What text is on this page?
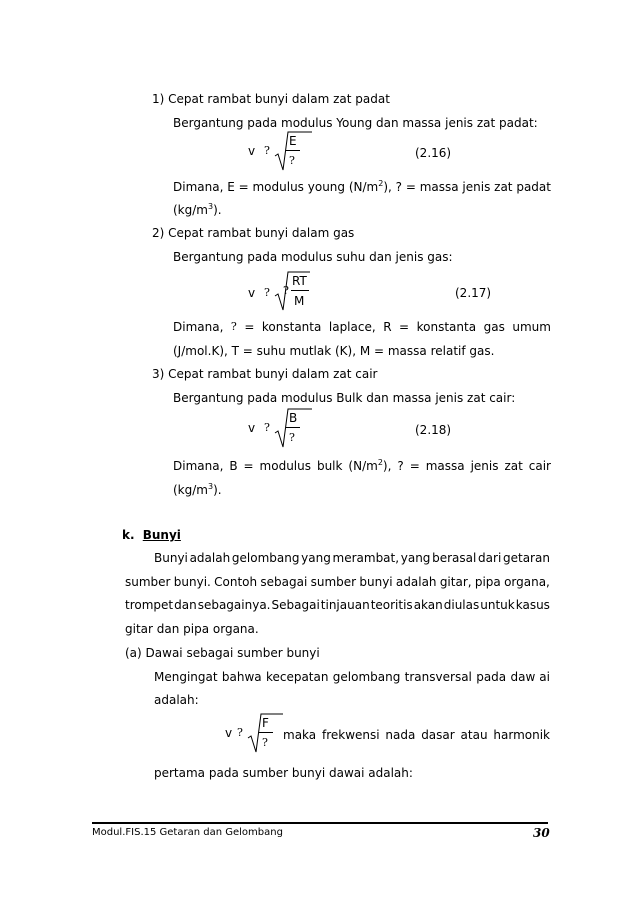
1) Cepat rambat bunyi dalam zat padat
Bergantung pada modulus Young dan massa jenis zat padat:
v ?
E
?
(2.16)
Dimana, E = modulus young $(N/m^2)$, ? = massa jenis zat padat
$(kg/m^3)$.
2) Cepat rambat bunyi dalam gas
Bergantung pada modulus suhu dan jenis gas:
v ? ?
RT
M
(2.17)
Dimana, ? = konstanta laplace, R = konstanta gas umum
(J/mol.K), T = suhu mutlak (K), M = massa relatif gas.
3) Cepat rambat bunyi dalam zat cair
Bergantung pada modulus Bulk dan massa jenis zat cair:
v ?
B
?
(2.18)
Dimana, B = modulus bulk $(N/m^2)$, ? = massa jenis zat cair
$(kg/m^3)$.
k. Bunyi
Bunyi adalah gelombang yang merambat, yang berasal dari getaran
sumber bunyi. Contoh sebagai sumber bunyi adalah gitar, pipa organa,
trompet dan sebagainya. Sebagai tinjauan teoritis akan diulas untuk kasus
gitar dan pipa organa.
(a) Dawai sebagai sumber bunyi
Mengingat bahwa kecepatan gelombang transversal pada daw ai
adalah:
v ?
F
?
maka frekwensi nada dasar atau harmonik
pertama pada sumber bunyi dawai adalah:
Modul.FIS.15 Getaran dan Gelombang	30
